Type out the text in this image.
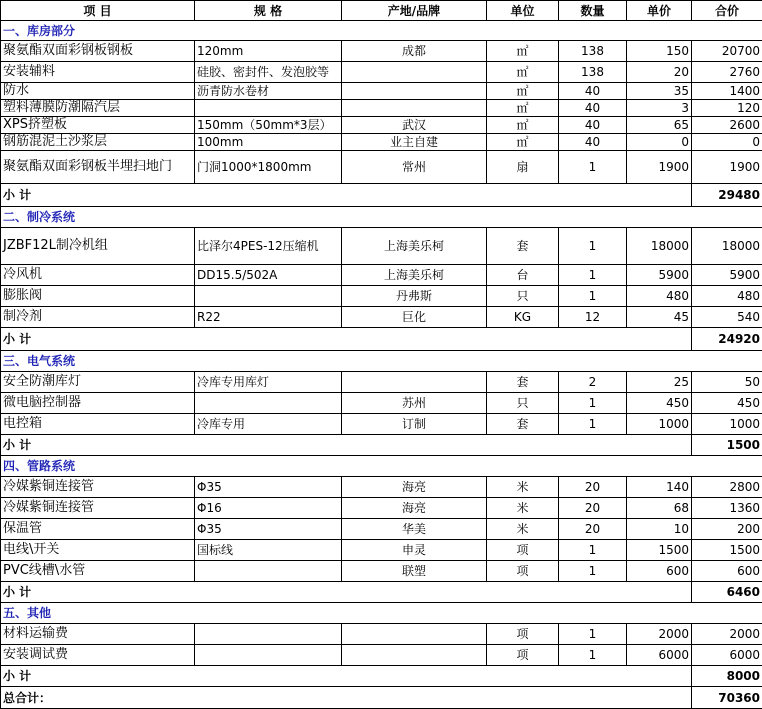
项 目	规 格	产地/品牌	单位	数量	单价	合价
一、库房部分						
聚氨酯双面彩钢板钢板	120mm	成都	㎡	138	150	20700
安装辅料	硅胶、密封件、发泡胶等		㎡	138	20	2760
防水	沥青防水卷材		㎡	40	35	1400
塑料薄膜防潮隔汽层			㎡	40	3	120
XPS挤塑板	150mm（50mm*3层）	武汉	㎡	40	65	2600
钢筋混泥土沙浆层	100mm	业主自建	㎡	40	0	0
聚氨酯双面彩钢板半埋扫地门	门洞1000*1800mm	常州	扇	1	1900	1900
小 计						29480
二、制冷系统						
JZBF12L制冷机组	比泽尔4PES-12压缩机	上海美乐柯	套	1	18000	18000
冷风机	DD15.5/502A	上海美乐柯	台	1	5900	5900
膨胀阀		丹弗斯	只	1	480	480
制冷剂	R22	巨化	KG	12	45	540
小 计						24920
三、电气系统						
安全防潮库灯	冷库专用库灯		套	2	25	50
微电脑控制器		苏州	只	1	450	450
电控箱	冷库专用	订制	套	1	1000	1000
小 计						1500
四、管路系统						
冷媒紫铜连接管	Φ35	海亮	米	20	140	2800
冷媒紫铜连接管	Φ16	海亮	米	20	68	1360
保温管	Φ35	华美	米	20	10	200
电线\开关	国标线	申灵	项	1	1500	1500
PVC线槽\水管		联塑	项	1	600	600
小 计						6460
五、其他						
材料运输费			项	1	2000	2000
安装调试费			项	1	6000	6000
小 计						8000
总合计：						70360
